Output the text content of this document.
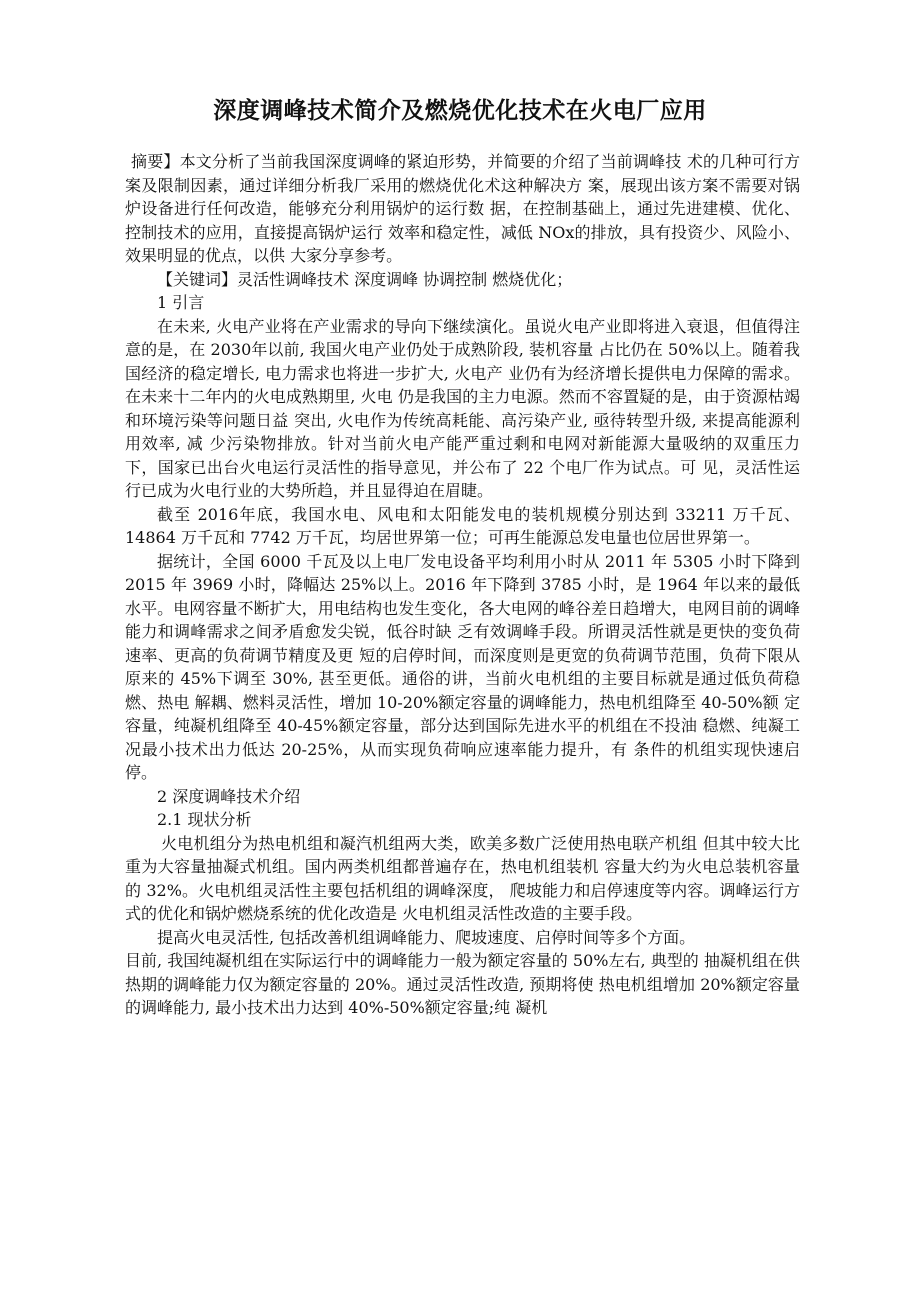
深度调峰技术简介及燃烧优化技术在火电厂应用

摘要】本文分析了当前我国深度调峰的紧迫形势，并简要的介绍了当前调峰技 术的几种可行方案及限制因素，通过详细分析我厂采用的燃烧优化术这种解决方 案，展现出该方案不需要对锅炉设备进行任何改造，能够充分利用锅炉的运行数 据，在控制基础上，通过先进建模、优化、控制技术的应用，直接提高锅炉运行 效率和稳定性，减低 NOx的排放，具有投资少、风险小、效果明显的优点，以供 大家分享参考。

【关键词】灵活性调峰技术 深度调峰 协调控制 燃烧优化；

1 引言

在未来, 火电产业将在产业需求的导向下继续演化。虽说火电产业即将进入衰退，但值得注意的是，在 2030年以前, 我国火电产业仍处于成熟阶段, 装机容量 占比仍在 50%以上。随着我国经济的稳定增长, 电力需求也将进一步扩大, 火电产 业仍有为经济增长提供电力保障的需求。在未来十二年内的火电成熟期里, 火电 仍是我国的主力电源。然而不容置疑的是，由于资源枯竭和环境污染等问题日益 突出, 火电作为传统高耗能、高污染产业, 亟待转型升级, 来提高能源利用效率, 减 少污染物排放。针对当前火电产能严重过剩和电网对新能源大量吸纳的双重压力 下，国家已出台火电运行灵活性的指导意见，并公布了 22 个电厂作为试点。可 见，灵活性运行已成为火电行业的大势所趋，并且显得迫在眉睫。

截至 2016年底，我国水电、风电和太阳能发电的装机规模分别达到 33211 万千瓦、14864 万千瓦和 7742 万千瓦，均居世界第一位；可再生能源总发电量也位居世界第一。

据统计，全国 6000 千瓦及以上电厂发电设备平均利用小时从 2011 年 5305 小时下降到 2015 年 3969 小时，降幅达 25%以上。2016 年下降到 3785 小时，是 1964 年以来的最低水平。电网容量不断扩大，用电结构也发生变化，各大电网的峰谷差日趋增大，电网目前的调峰能力和调峰需求之间矛盾愈发尖锐，低谷时缺 乏有效调峰手段。所谓灵活性就是更快的变负荷速率、更高的负荷调节精度及更 短的启停时间，而深度则是更宽的负荷调节范围，负荷下限从原来的 45%下调至 30%, 甚至更低。通俗的讲，当前火电机组的主要目标就是通过低负荷稳燃、热电 解耦、燃料灵活性，增加 10-20%额定容量的调峰能力，热电机组降至 40-50%额 定容量，纯凝机组降至 40-45%额定容量，部分达到国际先进水平的机组在不投油 稳燃、纯凝工况最小技术出力低达 20-25%，从而实现负荷响应速率能力提升，有 条件的机组实现快速启停。

2 深度调峰技术介绍

2.1 现状分析

火电机组分为热电机组和凝汽机组两大类，欧美多数广泛使用热电联产机组 但其中较大比重为大容量抽凝式机组。国内两类机组都普遍存在，热电机组装机 容量大约为火电总装机容量的 32%。火电机组灵活性主要包括机组的调峰深度， 爬坡能力和启停速度等内容。调峰运行方式的优化和锅炉燃烧系统的优化改造是 火电机组灵活性改造的主要手段。

提高火电灵活性, 包括改善机组调峰能力、爬坡速度、启停时间等多个方面。

目前, 我国纯凝机组在实际运行中的调峰能力一般为额定容量的 50%左右, 典型的 抽凝机组在供热期的调峰能力仅为额定容量的 20%。通过灵活性改造, 预期将使 热电机组增加 20%额定容量的调峰能力, 最小技术出力达到 40%-50%额定容量;纯 凝机
